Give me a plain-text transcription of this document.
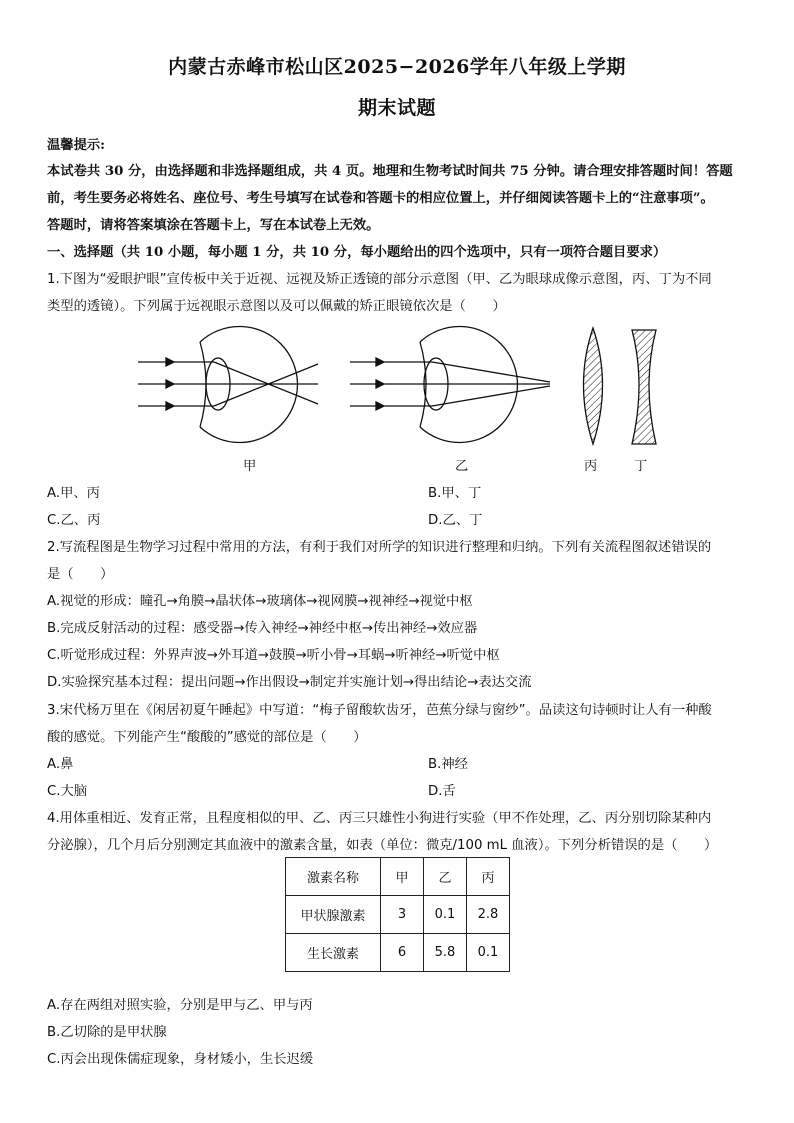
内蒙古赤峰市松山区2025−2026学年八年级上学期
期末试题
温馨提示:
本试卷共 30 分，由选择题和非选择题组成，共 4 页。地理和生物考试时间共 75 分钟。请合理安排答题时间！答题
前，考生要务必将姓名、座位号、考生号填写在试卷和答题卡的相应位置上，并仔细阅读答题卡上的“注意事项”。
答题时，请将答案填涂在答题卡上，写在本试卷上无效。
一、选择题（共 10 小题，每小题 1 分，共 10 分，每小题给出的四个选项中，只有一项符合题目要求）
1.下图为“爱眼护眼”宣传板中关于近视、远视及矫正透镜的部分示意图（甲、乙为眼球成像示意图，丙、丁为不同
类型的透镜）。下列属于远视眼示意图以及可以佩戴的矫正眼镜依次是（　　）
甲	乙	丙	丁
A.甲、丙	B.甲、丁
C.乙、丙	D.乙、丁
2.写流程图是生物学习过程中常用的方法，有利于我们对所学的知识进行整理和归纳。下列有关流程图叙述错误的
是（　　）
A.视觉的形成：瞳孔→角膜→晶状体→玻璃体→视网膜→视神经→视觉中枢
B.完成反射活动的过程：感受器→传入神经→神经中枢→传出神经→效应器
C.听觉形成过程：外界声波→外耳道→鼓膜→听小骨→耳蜗→听神经→听觉中枢
D.实验探究基本过程：提出问题→作出假设→制定并实施计划→得出结论→表达交流
3.宋代杨万里在《闲居初夏午睡起》中写道：“梅子留酸软齿牙，芭蕉分绿与窗纱”。品读这句诗顿时让人有一种酸
酸的感觉。下列能产生“酸酸的”感觉的部位是（　　）
A.鼻	B.神经
C.大脑	D.舌
4.用体重相近、发育正常，且程度相似的甲、乙、丙三只雄性小狗进行实验（甲不作处理，乙、丙分别切除某种内
分泌腺），几个月后分别测定其血液中的激素含量，如表（单位：微克/100 mL 血液）。下列分析错误的是（　　）
激素名称	甲	乙	丙
甲状腺激素	3	0.1	2.8
生长激素	6	5.8	0.1
A.存在两组对照实验，分别是甲与乙、甲与丙
B.乙切除的是甲状腺
C.丙会出现侏儒症现象，身材矮小，生长迟缓
